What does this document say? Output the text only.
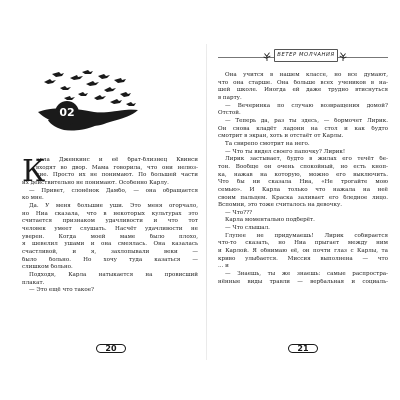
02
К
арла Дженкинс и её брат-близнец Квинси
входят во двор. Мама говорила, что они нелюз-
кие. Просто их не понимают. По большей части
их действительно не понимают. Особенно Карлу.
— Привет, слонёнок Дамбо, — она обращается
ко мне.
Да. У меня большие уши. Это меня огорчало,
но Ниа сказала, что в некоторых культурах это
считается признаком удачливости и что тот
человек умеет слушать. Насчёт удачливости не
уверен. Когда моей маме было плохо,
я шевелил ушами и она смеялась. Она казалась
счастливой, и я, захлопывали веки —
было больно. Но хочу туда казаться —
слишком больно.
Подходя, Карла натыкается на провисший
плакат.
— Это ещё что такое?
20
ВЕТЕР МОЛЧАНИЯ
Она учится в нашем классе, но все думают,
что она старше. Она больше всех учеников в на-
шей школе. Иногда ей даже трудно втиснуться
в парту.
— Вечеринка по случаю возвращения домой?
Отстой.
— Теперь да, раз ты здесь, — бормочет Лирик.
Он снова кладёт ладони на стол и как будто
смотрит в экран, хоть и отстаёт от Карлы.
Та свирепо смотрит на него.
— Что ты видел своего папочку? Лирик!
Лирик застывает, будто в жилах его течёт бе-
тон. Вообще он очень спокойный, но есть кноп-
ка, нажав на которую, можно его выключить.
Что бы ни сказала Ниа, «Не трогайте мою
семью». И Карла только что нажала на неё
своим пальцем. Краска заливает его бледное лицо.
Вспомни, это тоже считалось на девочку.
— Что???
Карла моментально подберёт.
— Что слышал.
Глупее не придумаешь! Лирик собирается
что-то сказать, но Ниа прыгает между ним
и Карлой. Я обнимаю её, он почти глаз с Карлы, та
криво улыбается. Миссия выполнена — что
... и
— Знаешь, ты же знаешь: самые распростра-
нённые виды травли — вербальная и социаль-
21
